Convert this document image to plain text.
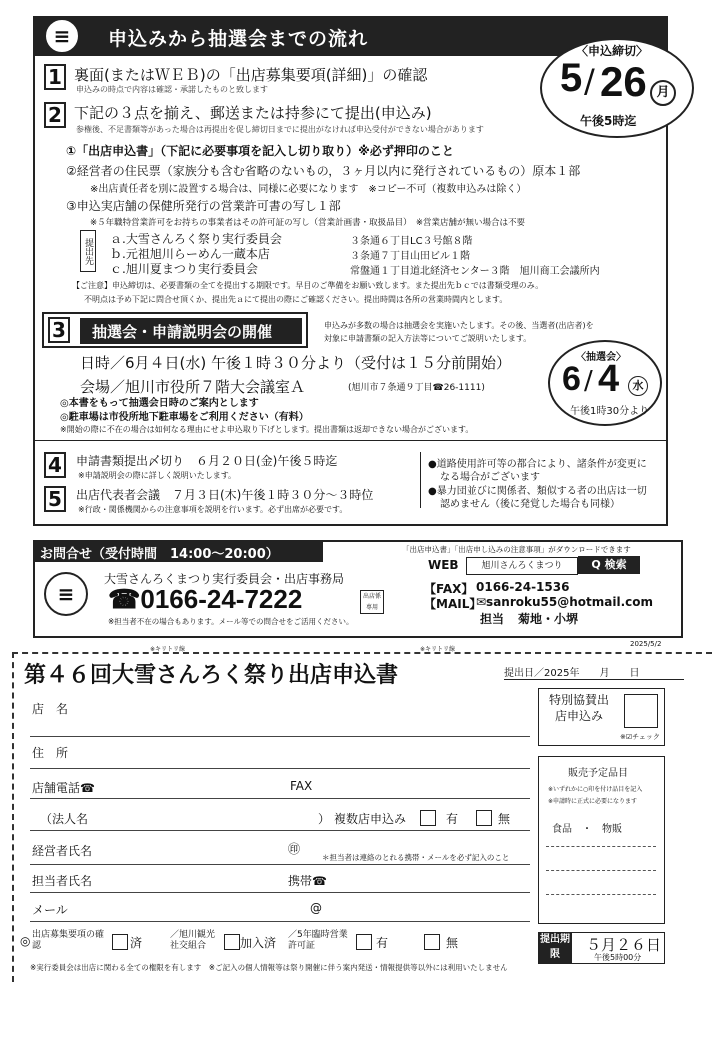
≡ 申込みから抽選会までの流れ
〈申込締切〉
5 / 26 月
午後5時迄
1 裏面(またはＷＥＢ)の「出店募集要項(詳細)」の確認
申込みの時点で内容は確認・承諾したものと致します
2 下記の３点を揃え、郵送または持参にて提出(申込み)
参権後、不足書類等があった場合は再提出を促し締切日までに提出がなければ申込受付ができない場合があります
①「出店申込書」（下記に必要事項を記入し切り取り）※必ず押印のこと
②経営者の住民票（家族分も含む省略のないもの，３ヶ月以内に発行されているもの）原本１部
※出店責任者を別に設置する場合は、同様に必要になります　※コピー不可（複数申込みは除く）
③申込実店舗の保健所発行の営業許可書の写し１部
※５年職特営業許可をお持ちの事業者はその許可証の写し（営業計画書・取扱品目）　※営業店舗が無い場合は不要
提出先 ａ.大雪さんろく祭り実行委員会	３条通６丁目LC３号館８階
ｂ.元祖旭川らーめん一蔵本店	３条通７丁目山田ビル１階
ｃ.旭川夏まつり実行委員会	常盤通１丁目道北経済センター３階　旭川商工会議所内
【ご注意】申込締切は、必要書類の全てを提出する期限です。早目のご準備をお願い致します。また提出先ｂｃでは書類受理のみ。
不明点は予め下記に問合せ頂くか、提出先ａにて提出の際にご確認ください。提出時間は各所の営業時間内とします。
3 抽選会・申請説明会の開催	申込みが多数の場合は抽選会を実施いたします。その後、当選者(出店者)を
対象に申請書類の記入方法等についてご説明いたします。
日時／6月４日(水) 午後１時３０分より（受付は１５分前開始）
会場／旭川市役所７階大会議室Ａ	(旭川市７条通９丁目☎26-1111)
◎本書をもって抽選会日時のご案内とします
◎駐車場は市役所地下駐車場をご利用ください（有料）
※開始の際に不在の場合は如何なる理由にせよ申込取り下げとします。提出書類は返却できない場合がございます。
〈抽選会〉
6 / 4	水
午後1時30分より
4	申請書類提出〆切り　６月２０日(金)午後５時迄
※申請説明会の際に詳しく説明いたします。
5	出店代表者会議　７月３日(木)午後１時３０分～３時位
※行政・関係機関からの注意事項を説明を行います。必ず出席が必要です。
●道路使用許可等の都合により、諸条件が変更に
なる場合がございます
●暴力団並びに関係者、類似する者の出店は一切
認めません（後に発覚した場合も同様）
お問合せ（受付時間　14:00～20:00）	「出店申込書」「出店申し込みの注意事項」がダウンロードできます
WEB	旭川さんろくまつり	Q 検索
≡
大雪さんろくまつり実行委員会・出店事務局
☎0166-24-7222	出店係専用
【FAX】 0166-24-1536
【MAIL】
✉sanroku55@hotmail.com
担当 菊地・小堺
※担当者不在の場合もあります。メール等での問合せをご活用ください。
2025/5/2
※キリトリ線	※キリトリ線
第４６回大雪さんろく祭り出店申込書	提出日／2025年　　月　　日
店　名
住　所
店舗電話☎	FAX
（法人名	） 複数店申込み	有	無
経営者氏名	㊞
＊担当者は連絡のとれる携帯・メールを必ず記入のこと
担当者氏名	携帯☎
メール	@
◎ 出店募集要項の確認	済
／旭川観光社交組合	加入済
／5年臨時営業許可証	有	無
特別協賛出店申込み
※☑チェック
販売予定品目
※いずれかに○印を付け品目を記入
※申請時に正式に必要になります
食品　・　物販
提出期限
５月２６日
午後5時00分
※実行委員会は出店に関わる全ての権限を有します　※ご記入の個人情報等は祭り開催に伴う案内発送・情報提供等以外には利用いたしません
